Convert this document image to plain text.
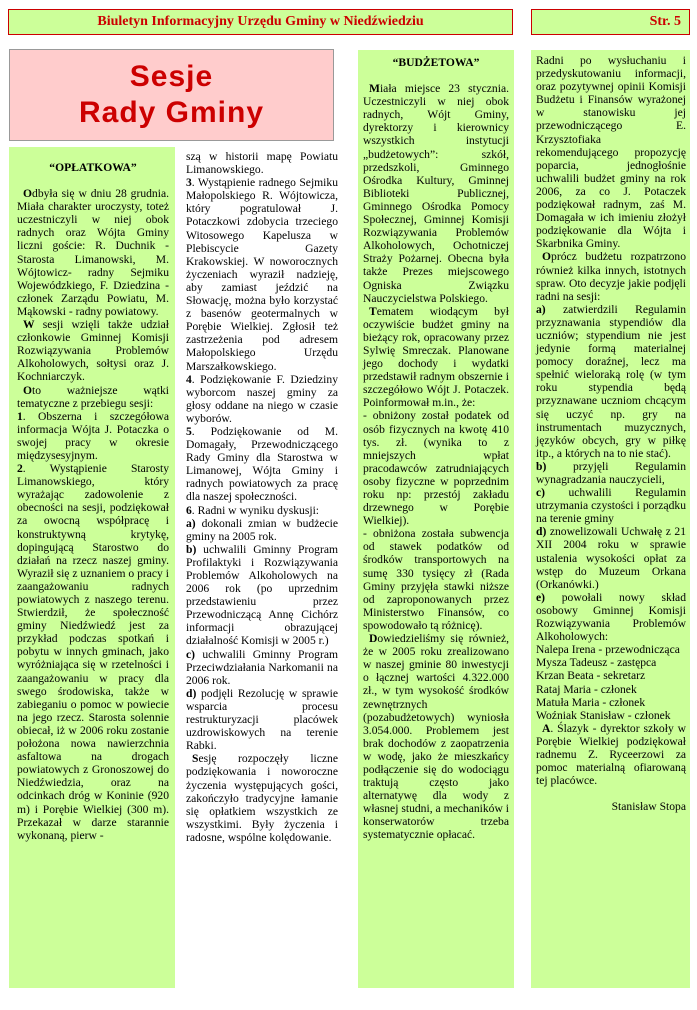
Biuletyn Informacyjny Urzędu Gminy w Niedźwiedziu	Str. 5
Sesje
Rady Gminy

“OPŁATKOWA”

Odbyła się w dniu 28 grudnia. Miała charakter uroczysty, toteż uczestniczyli w niej obok radnych oraz Wójta Gminy liczni goście: R. Duchnik - Starosta Limanowski, M. Wójtowicz- radny Sejmiku Wojewódzkiego, F. Dziedzina - członek Zarządu Powiatu, M. Mąkowski - radny powiatowy.

W sesji wzięli także udział członkowie Gminnej Komisji Rozwiązywania Problemów Alkoholowych, sołtysi oraz J. Kochniarczyk.

Oto ważniejsze wątki tematyczne z przebiegu sesji:

1. Obszerna i szczegółowa informacja Wójta J. Potaczka o swojej pracy w okresie międzysesyjnym.

2. Wystąpienie Starosty Limanowskiego, który wyrażając zadowolenie z obecności na sesji, podziękował za owocną współpracę i konstruktywną krytykę, dopingującą Starostwo do działań na rzecz naszej gminy. Wyraził się z uznaniem o pracy i zaangażowaniu radnych powiatowych z naszego terenu. Stwierdził, że społeczność gminy Niedźwiedź jest za przykład podczas spotkań i pobytu w innych gminach, jako wyróżniająca się w rzetelności i zaangażowaniu w pracy dla swego środowiska, także w zabieganiu o pomoc w powiecie na jego rzecz. Starosta solennie obiecał, iż w 2006 roku zostanie położona nowa nawierzchnia asfaltowa na drogach powiatowych z Gronoszowej do Niedźwiedzia, oraz na odcinkach dróg w Koninie (920 m) i Porębie Wielkiej (300 m). Przekazał w darze starannie wykonaną, pierw -

szą w historii mapę Powiatu Limanowskiego.

3. Wystąpienie radnego Sejmiku Małopolskiego R. Wójtowicza, który pogratulował J. Potaczkowi zdobycia trzeciego Witosowego Kapelusza w Plebiscycie Gazety Krakowskiej. W noworocznych życzeniach wyraził nadzieję, aby zamiast jeździć na Słowację, można było korzystać z basenów geotermalnych w Porębie Wielkiej. Zgłosił też zastrzeżenia pod adresem Małopolskiego Urzędu Marszałkowskiego.

4. Podziękowanie F. Dziedziny wyborcom naszej gminy za głosy oddane na niego w czasie wyborów.

5. Podziękowanie od M. Domagały, Przewodniczącego Rady Gminy dla Starostwa w Limanowej, Wójta Gminy i radnych powiatowych za pracę dla naszej społeczności.

6. Radni w wyniku dyskusji:

a) dokonali zmian w budżecie gminy na 2005 rok.

b) uchwalili Gminny Program Profilaktyki i Rozwiązywania Problemów Alkoholowych na 2006 rok (po uprzednim przedstawieniu przez Przewodniczącą Annę Cichórz informacji obrazującej działalność Komisji w 2005 r.)

c) uchwalili Gminny Program Przeciwdziałania Narkomanii na 2006 rok.

d) podjęli Rezolucję w sprawie wsparcia procesu restrukturyzacji placówek uzdrowiskowych na terenie Rabki.

Sesję rozpoczęły liczne podziękowania i noworoczne życzenia występujących gości, zakończyło tradycyjne łamanie się opłatkiem wszystkich ze wszystkimi. Były życzenia i radosne, wspólne kolędowanie.

“BUDŻETOWA”

Miała miejsce 23 stycznia. Uczestniczyli w niej obok radnych, Wójt Gminy, dyrektorzy i kierownicy wszystkich instytucji „budżetowych”: szkół, przedszkoli, Gminnego Ośrodka Kultury, Gminnej Biblioteki Publicznej, Gminnego Ośrodka Pomocy Społecznej, Gminnej Komisji Rozwiązywania Problemów Alkoholowych, Ochotniczej Straży Pożarnej. Obecna była także Prezes miejscowego Ogniska Związku Nauczycielstwa Polskiego.

Tematem wiodącym był oczywiście budżet gminy na bieżący rok, opracowany przez Sylwię Smreczak. Planowane jego dochody i wydatki przedstawił radnym obszernie i szczegółowo Wójt J. Potaczek. Poinformował m.in., że:

- obniżony został podatek od osób fizycznych na kwotę 410 tys. zł. (wynika to z mniejszych wpłat pracodawców zatrudniających osoby fizyczne w poprzednim roku np: przestój zakładu drzewnego w Porębie Wielkiej).

- obniżona została subwencja od stawek podatków od środków transportowych na sumę 330 tysięcy zł (Rada Gminy przyjęła stawki niższe od zaproponowanych przez Ministerstwo Finansów, co spowodowało tą różnicę).

Dowiedzieliśmy się również, że w 2005 roku zrealizowano w naszej gminie 80 inwestycji o łącznej wartości 4.322.000 zł., w tym wysokość środków zewnętrznych (pozabudżetowych) wyniosła 3.054.000. Problemem jest brak dochodów z zaopatrzenia w wodę, jako że mieszkańcy podłączenie się do wodociągu traktują często jako alternatywę dla wody z własnej studni, a mechaników i konserwatorów trzeba systematycznie opłacać.

Radni po wysłuchaniu i przedyskutowaniu informacji, oraz pozytywnej opinii Komisji Budżetu i Finansów wyrażonej w stanowisku jej przewodniczącego E. Krzysztofiaka rekomendującego propozycję poparcia, jednogłośnie uchwalili budżet gminy na rok 2006, za co J. Potaczek podziękował radnym, zaś M. Domagała w ich imieniu złożył podziękowanie dla Wójta i Skarbnika Gminy.

Oprócz budżetu rozpatrzono również kilka innych, istotnych spraw. Oto decyzje jakie podjęli radni na sesji:

a) zatwierdzili Regulamin przyznawania stypendiów dla uczniów; stypendium nie jest jedynie formą materialnej pomocy doraźnej, lecz ma spełnić wieloraką rolę (w tym roku stypendia będą przyznawane uczniom chcącym się uczyć np. gry na instrumentach muzycznych, języków obcych, gry w piłkę itp., a których na to nie stać).

b) przyjęli Regulamin wynagradzania nauczycieli,

c) uchwalili Regulamin utrzymania czystości i porządku na terenie gminy

d) znowelizowali Uchwałę z 21 XII 2004 roku w sprawie ustalenia wysokości opłat za wstęp do Muzeum Orkana (Orkanówki.)

e) powołali nowy skład osobowy Gminnej Komisji Rozwiązywania Problemów Alkoholowych:

Nalepa Irena - przewodnicząca

Mysza Tadeusz - zastępca

Krzan Beata - sekretarz

Rataj Maria - członek

Matuła Maria - członek

Woźniak Stanisław - członek

A. Ślazyk - dyrektor szkoły w Porębie Wielkiej podziękował radnemu Z. Ryceerzowi za pomoc materialną ofiarowaną tej placówce.

Stanisław Stopa
